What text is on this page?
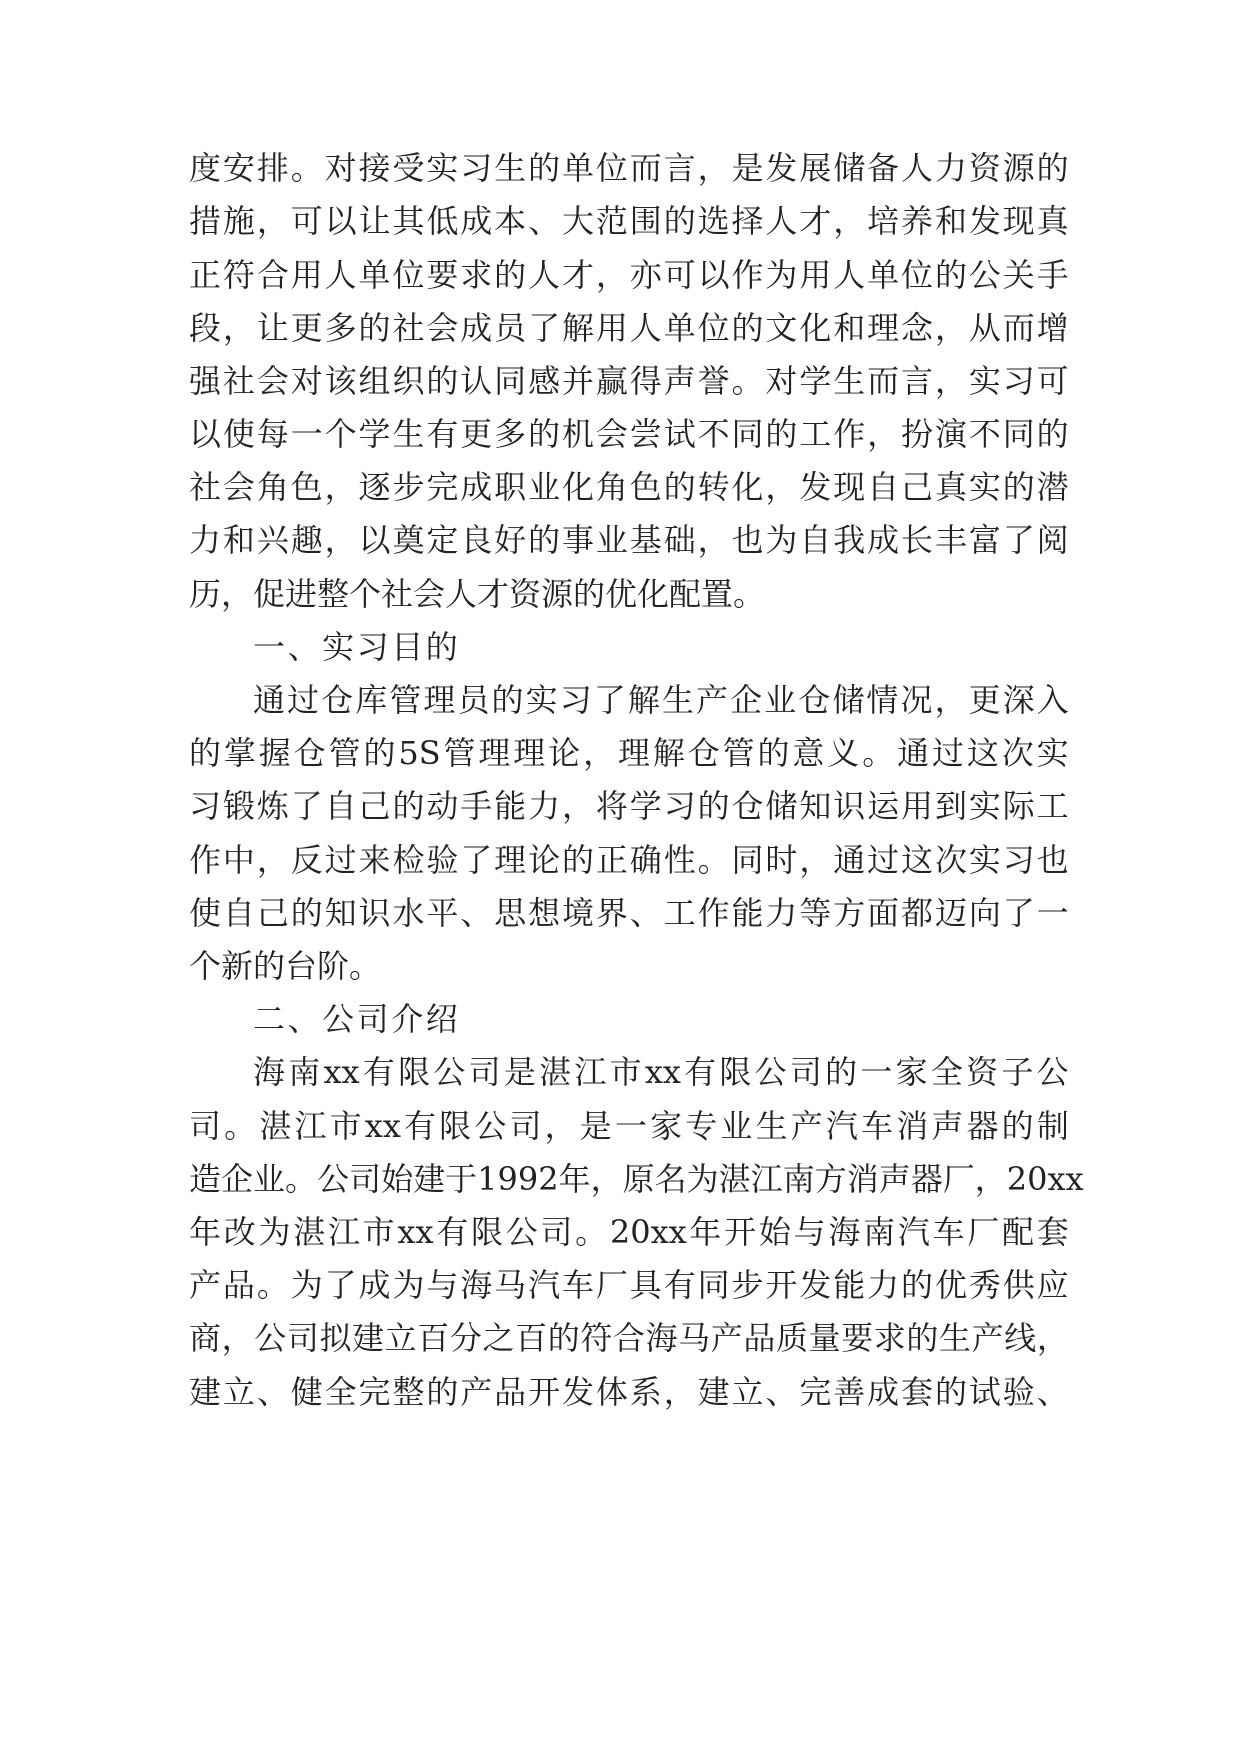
度 安 排 。 对 接 受 实 习 生 的 单 位 而 言 ， 是 发 展 储 备 人 力 资 源 的
措 施 ， 可 以 让 其 低 成 本 、 大 范 围 的 选 择 人 才 ， 培 养 和 发 现 真
正 符 合 用 人 单 位 要 求 的 人 才 ， 亦 可 以 作 为 用 人 单 位 的 公 关 手
段 ， 让 更 多 的 社 会 成 员 了 解 用 人 单 位 的 文 化 和 理 念 ， 从 而 增
强 社 会 对 该 组 织 的 认 同 感 并 赢 得 声 誉 。 对 学 生 而 言 ， 实 习 可
以 使 每 一 个 学 生 有 更 多 的 机 会 尝 试 不 同 的 工 作 ， 扮 演 不 同 的
社 会 角 色 ， 逐 步 完 成 职 业 化 角 色 的 转 化 ， 发 现 自 己 真 实 的 潜
力 和 兴 趣 ， 以 奠 定 良 好 的 事 业 基 础 ， 也 为 自 我 成 长 丰 富 了 阅
历，促进整个社会人才资源的优化配置。
一、实习目的
通 过 仓 库 管 理 员 的 实 习 了 解 生 产 企 业 仓 储 情 况 ， 更 深 入
的 掌 握 仓 管 的 5S 管 理 理 论 ， 理 解 仓 管 的 意 义 。 通 过 这 次 实
习 锻 炼 了 自 己 的 动 手 能 力 ， 将 学 习 的 仓 储 知 识 运 用 到 实 际 工
作 中 ， 反 过 来 检 验 了 理 论 的 正 确 性 。 同 时 ， 通 过 这 次 实 习 也
使 自 己 的 知 识 水 平 、 思 想 境 界 、 工 作 能 力 等 方 面 都 迈 向 了 一
个新的台阶。
二、公司介绍
海 南 xx 有 限 公 司 是 湛 江 市 xx 有 限 公 司 的 一 家 全 资 子 公
司 。 湛 江 市 xx 有 限 公 司 ， 是 一 家 专 业 生 产 汽 车 消 声 器 的 制
造 企 业 。 公 司 始 建 于 1992 年 ， 原 名 为 湛 江 南 方 消 声 器 厂 ， 20xx
年 改 为 湛 江 市 xx 有 限 公 司 。 20xx 年 开 始 与 海 南 汽 车 厂 配 套
产 品 。 为 了 成 为 与 海 马 汽 车 厂 具 有 同 步 开 发 能 力 的 优 秀 供 应
商 ， 公 司 拟 建 立 百 分 之 百 的 符 合 海 马 产 品 质 量 要 求 的 生 产 线 ，
建 立 、 健 全 完 整 的 产 品 开 发 体 系 ， 建 立 、 完 善 成 套 的 试 验 、
